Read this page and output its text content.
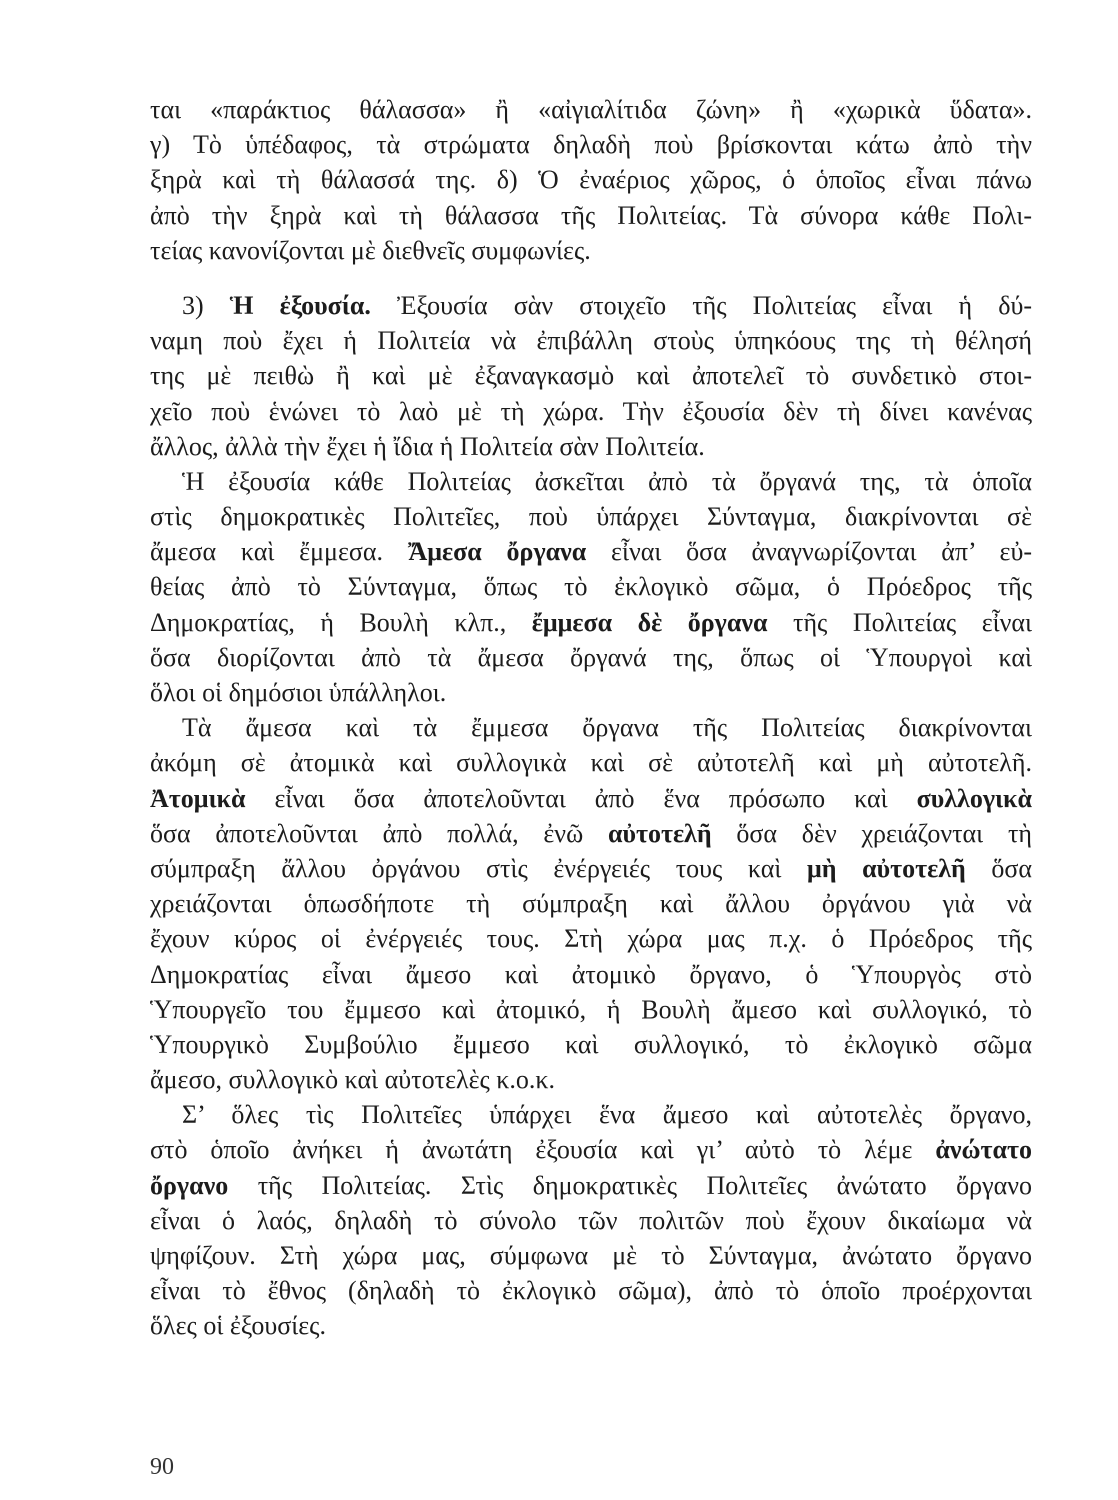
ται «παράκτιος θάλασσα» ἢ «αἰγιαλίτιδα ζώνη» ἢ «χωρικὰ ὕδατα».
γ) Τὸ ὑπέδαφος, τὰ στρώματα δηλαδὴ ποὺ βρίσκονται κάτω ἀπὸ τὴν
ξηρὰ καὶ τὴ θάλασσά της. δ) Ὁ ἐναέριος χῶρος, ὁ ὁποῖος εἶναι πάνω
ἀπὸ τὴν ξηρὰ καὶ τὴ θάλασσα τῆς Πολιτείας. Τὰ σύνορα κάθε Πολι-
τείας κανονίζονται μὲ διεθνεῖς συμφωνίες.
3) Ἡ ἐξουσία. Ἐξουσία σὰν στοιχεῖο τῆς Πολιτείας εἶναι ἡ δύ-
ναμη ποὺ ἔχει ἡ Πολιτεία νὰ ἐπιβάλλη στοὺς ὑπηκόους της τὴ θέλησή
της μὲ πειθὼ ἢ καὶ μὲ ἐξαναγκασμὸ καὶ ἀποτελεῖ τὸ συνδετικὸ στοι-
χεῖο ποὺ ἑνώνει τὸ λαὸ μὲ τὴ χώρα. Τὴν ἐξουσία δὲν τὴ δίνει κανένας
ἄλλος, ἀλλὰ τὴν ἔχει ἡ ἴδια ἡ Πολιτεία σὰν Πολιτεία.
Ἡ ἐξουσία κάθε Πολιτείας ἀσκεῖται ἀπὸ τὰ ὄργανά της, τὰ ὁποῖα
στὶς δημοκρατικὲς Πολιτεῖες, ποὺ ὑπάρχει Σύνταγμα, διακρίνονται σὲ
ἄμεσα καὶ ἔμμεσα. Ἄμεσα ὄργανα εἶναι ὅσα ἀναγνωρίζονται ἀπ’ εὐ-
θείας ἀπὸ τὸ Σύνταγμα, ὅπως τὸ ἐκλογικὸ σῶμα, ὁ Πρόεδρος τῆς
Δημοκρατίας, ἡ Βουλὴ κλπ., ἔμμεσα δὲ ὄργανα τῆς Πολιτείας εἶναι
ὅσα διορίζονται ἀπὸ τὰ ἄμεσα ὄργανά της, ὅπως οἱ Ὑπουργοὶ καὶ
ὅλοι οἱ δημόσιοι ὑπάλληλοι.
Τὰ ἄμεσα καὶ τὰ ἔμμεσα ὄργανα τῆς Πολιτείας διακρίνονται
ἀκόμη σὲ ἀτομικὰ καὶ συλλογικὰ καὶ σὲ αὐτοτελῆ καὶ μὴ αὐτοτελῆ.
Ἀτομικὰ εἶναι ὅσα ἀποτελοῦνται ἀπὸ ἕνα πρόσωπο καὶ συλλογικὰ
ὅσα ἀποτελοῦνται ἀπὸ πολλά, ἐνῶ αὐτοτελῆ ὅσα δὲν χρειάζονται τὴ
σύμπραξη ἄλλου ὀργάνου στὶς ἐνέργειές τους καὶ μὴ αὐτοτελῆ ὅσα
χρειάζονται ὁπωσδήποτε τὴ σύμπραξη καὶ ἄλλου ὀργάνου γιὰ νὰ
ἔχουν κύρος οἱ ἐνέργειές τους. Στὴ χώρα μας π.χ. ὁ Πρόεδρος τῆς
Δημοκρατίας εἶναι ἄμεσο καὶ ἀτομικὸ ὄργανο, ὁ Ὑπουργὸς στὸ
Ὑπουργεῖο του ἔμμεσο καὶ ἀτομικό, ἡ Βουλὴ ἄμεσο καὶ συλλογικό, τὸ
Ὑπουργικὸ Συμβούλιο ἔμμεσο καὶ συλλογικό, τὸ ἐκλογικὸ σῶμα
ἄμεσο, συλλογικὸ καὶ αὐτοτελὲς κ.ο.κ.
Σ’ ὅλες τὶς Πολιτεῖες ὑπάρχει ἕνα ἄμεσο καὶ αὐτοτελὲς ὄργανο,
στὸ ὁποῖο ἀνήκει ἡ ἀνωτάτη ἐξουσία καὶ γι’ αὐτὸ τὸ λέμε ἀνώτατο
ὄργανο τῆς Πολιτείας. Στὶς δημοκρατικὲς Πολιτεῖες ἀνώτατο ὄργανο
εἶναι ὁ λαός, δηλαδὴ τὸ σύνολο τῶν πολιτῶν ποὺ ἔχουν δικαίωμα νὰ
ψηφίζουν. Στὴ χώρα μας, σύμφωνα μὲ τὸ Σύνταγμα, ἀνώτατο ὄργανο
εἶναι τὸ ἔθνος (δηλαδὴ τὸ ἐκλογικὸ σῶμα), ἀπὸ τὸ ὁποῖο προέρχονται
ὅλες οἱ ἐξουσίες.
90
